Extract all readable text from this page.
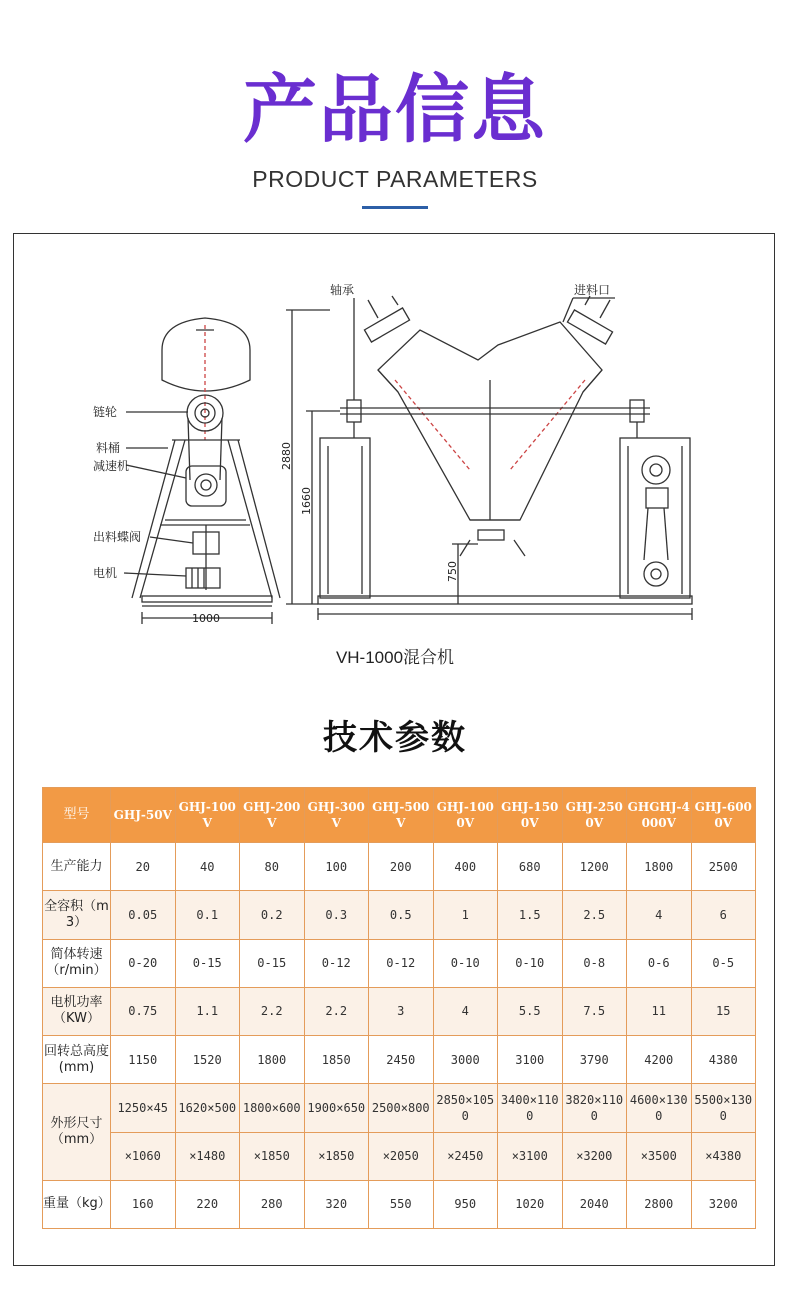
产品信息
PRODUCT PARAMETERS
链轮
料桶
减速机
出料蝶阀
电机
轴承	进料口
1000
2880
1660
750
VH-1000混合机
技术参数
型号	GHJ-50V	GHJ-100V	GHJ-200V	GHJ-300V	GHJ-500V	GHJ-1000V	GHJ-1500V	GHJ-2500V	GHGHJ-4000V	GHJ-6000V
生产能力	20	40	80	100	200	400	680	1200	1800	2500
全容积（m3）	0.05	0.1	0.2	0.3	0.5	1	1.5	2.5	4	6
简体转速（r/min）	0-20	0-15	0-15	0-12	0-12	0-10	0-10	0-8	0-6	0-5
电机功率（KW）	0.75	1.1	2.2	2.2	3	4	5.5	7.5	11	15
回转总高度(mm)	1150	1520	1800	1850	2450	3000	3100	3790	4200	4380
外形尺寸（mm）	1250×45	1620×500	1800×600	1900×650	2500×800	2850×1050	3400×1100	3820×1100	4600×1300	5500×1300
	×1060	×1480	×1850	×1850	×2050	×2450	×3100	×3200	×3500	×4380
重量（kg）	160	220	280	320	550	950	1020	2040	2800	3200
